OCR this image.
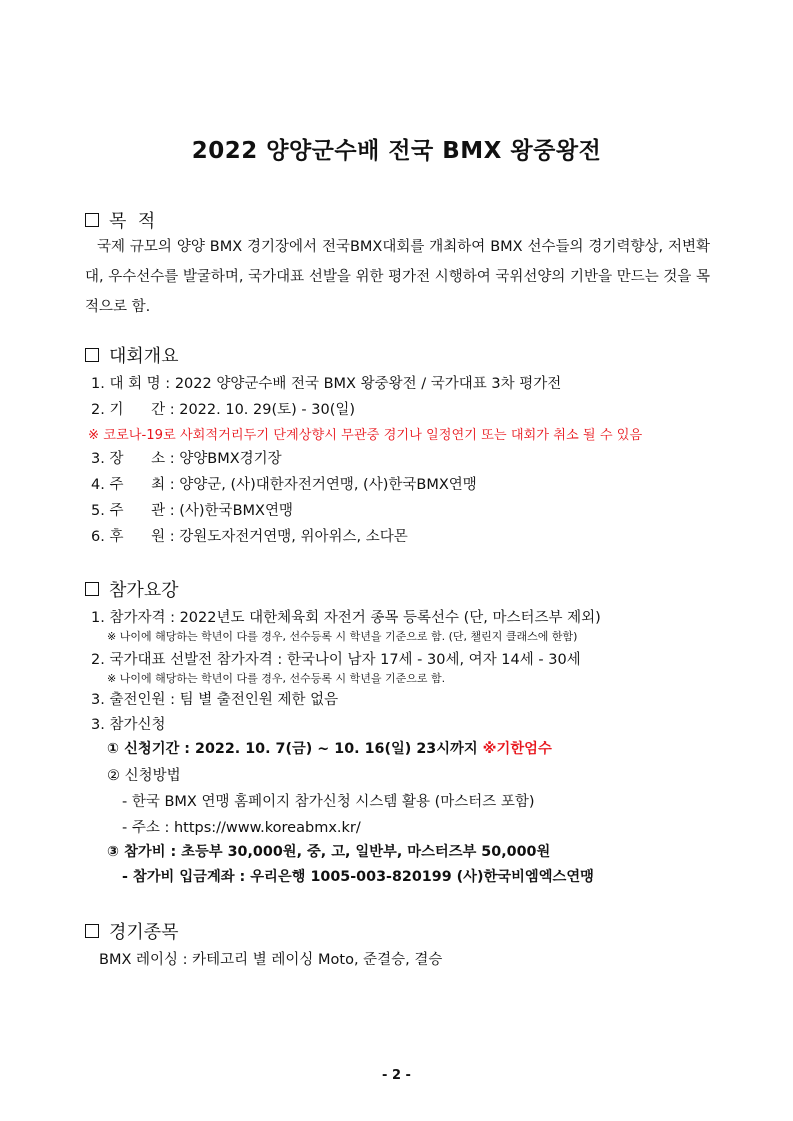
2022 양양군수배 전국 BMX 왕중왕전
목  적
국제 규모의 양양 BMX 경기장에서 전국BMX대회를 개최하여 BMX 선수들의 경기력향상, 저변확대, 우수선수를 발굴하며, 국가대표 선발을 위한 평가전 시행하여 국위선양의 기반을 만드는 것을 목적으로 함.
대회개요
1. 대 회 명 : 2022 양양군수배 전국 BMX 왕중왕전 / 국가대표 3차 평가전
2. 기      간 : 2022. 10. 29(토) - 30(일)
※ 코로나-19로 사회적거리두기 단계상향시 무관중 경기나 일정연기 또는 대회가 취소 될 수 있음
3. 장      소 : 양양BMX경기장
4. 주      최 : 양양군, (사)대한자전거연맹, (사)한국BMX연맹
5. 주      관 : (사)한국BMX연맹
6. 후      원 : 강원도자전거연맹, 위아위스, 소다몬
참가요강
1. 참가자격 : 2022년도 대한체육회 자전거 종목 등록선수 (단, 마스터즈부 제외)
※ 나이에 해당하는 학년이 다를 경우, 선수등록 시 학년을 기준으로 함. (단, 챌린지 클래스에 한함)
2. 국가대표 선발전 참가자격 : 한국나이 남자 17세 - 30세, 여자 14세 - 30세
※ 나이에 해당하는 학년이 다를 경우, 선수등록 시 학년을 기준으로 함.
3. 출전인원 : 팀 별 출전인원 제한 없음
3. 참가신청
① 신청기간 : 2022. 10. 7(금) ~ 10. 16(일) 23시까지 ※기한엄수
② 신청방법
- 한국 BMX 연맹 홈페이지 참가신청 시스템 활용 (마스터즈 포함)
- 주소 : https://www.koreabmx.kr/
③ 참가비 : 초등부 30,000원, 중, 고, 일반부, 마스터즈부 50,000원
- 참가비 입금계좌 : 우리은행 1005-003-820199 (사)한국비엠엑스연맹
경기종목
BMX 레이싱 : 카테고리 별 레이싱 Moto, 준결승, 결승
- 2 -
